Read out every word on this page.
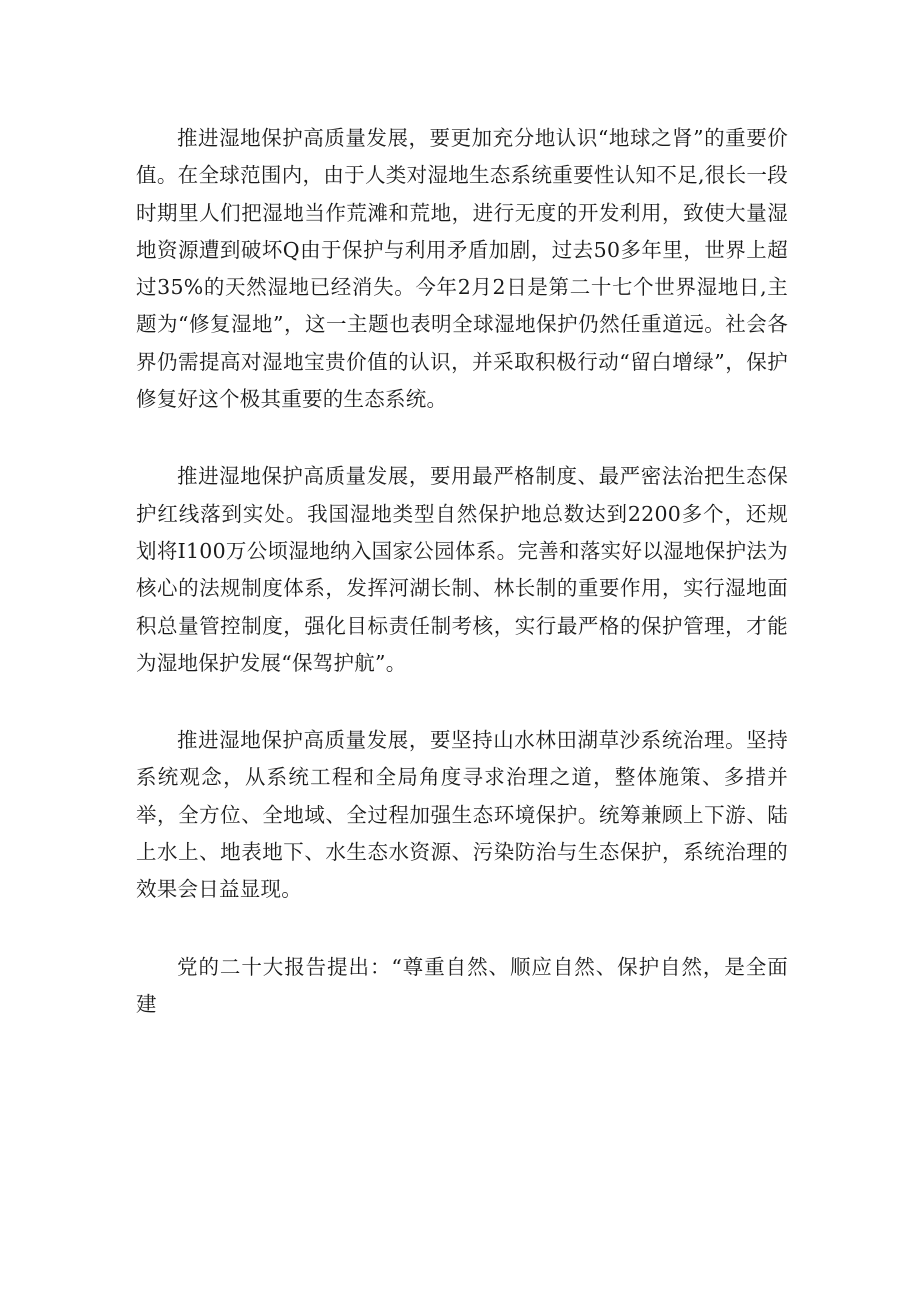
推进湿地保护高质量发展，要更加充分地认识“地球之肾”的重要价值。在全球范围内，由于人类对湿地生态系统重要性认知不足,很长一段时期里人们把湿地当作荒滩和荒地，进行无度的开发利用，致使大量湿地资源遭到破坏Q由于保护与利用矛盾加剧，过去50多年里，世界上超过35%的天然湿地已经消失。今年2月2日是第二十七个世界湿地日,主题为“修复湿地”，这一主题也表明全球湿地保护仍然任重道远。社会各界仍需提高对湿地宝贵价值的认识，并采取积极行动“留白增绿”，保护修复好这个极其重要的生态系统。

推进湿地保护高质量发展，要用最严格制度、最严密法治把生态保护红线落到实处。我国湿地类型自然保护地总数达到2200多个，还规划将I100万公顷湿地纳入国家公园体系。完善和落实好以湿地保护法为核心的法规制度体系，发挥河湖长制、林长制的重要作用，实行湿地面积总量管控制度，强化目标责任制考核，实行最严格的保护管理，才能为湿地保护发展“保驾护航”。

推进湿地保护高质量发展，要坚持山水林田湖草沙系统治理。坚持系统观念，从系统工程和全局角度寻求治理之道，整体施策、多措并举，全方位、全地域、全过程加强生态环境保护。统筹兼顾上下游、陆上水上、地表地下、水生态水资源、污染防治与生态保护，系统治理的效果会日益显现。

党的二十大报告提出：“尊重自然、顺应自然、保护自然，是全面建
